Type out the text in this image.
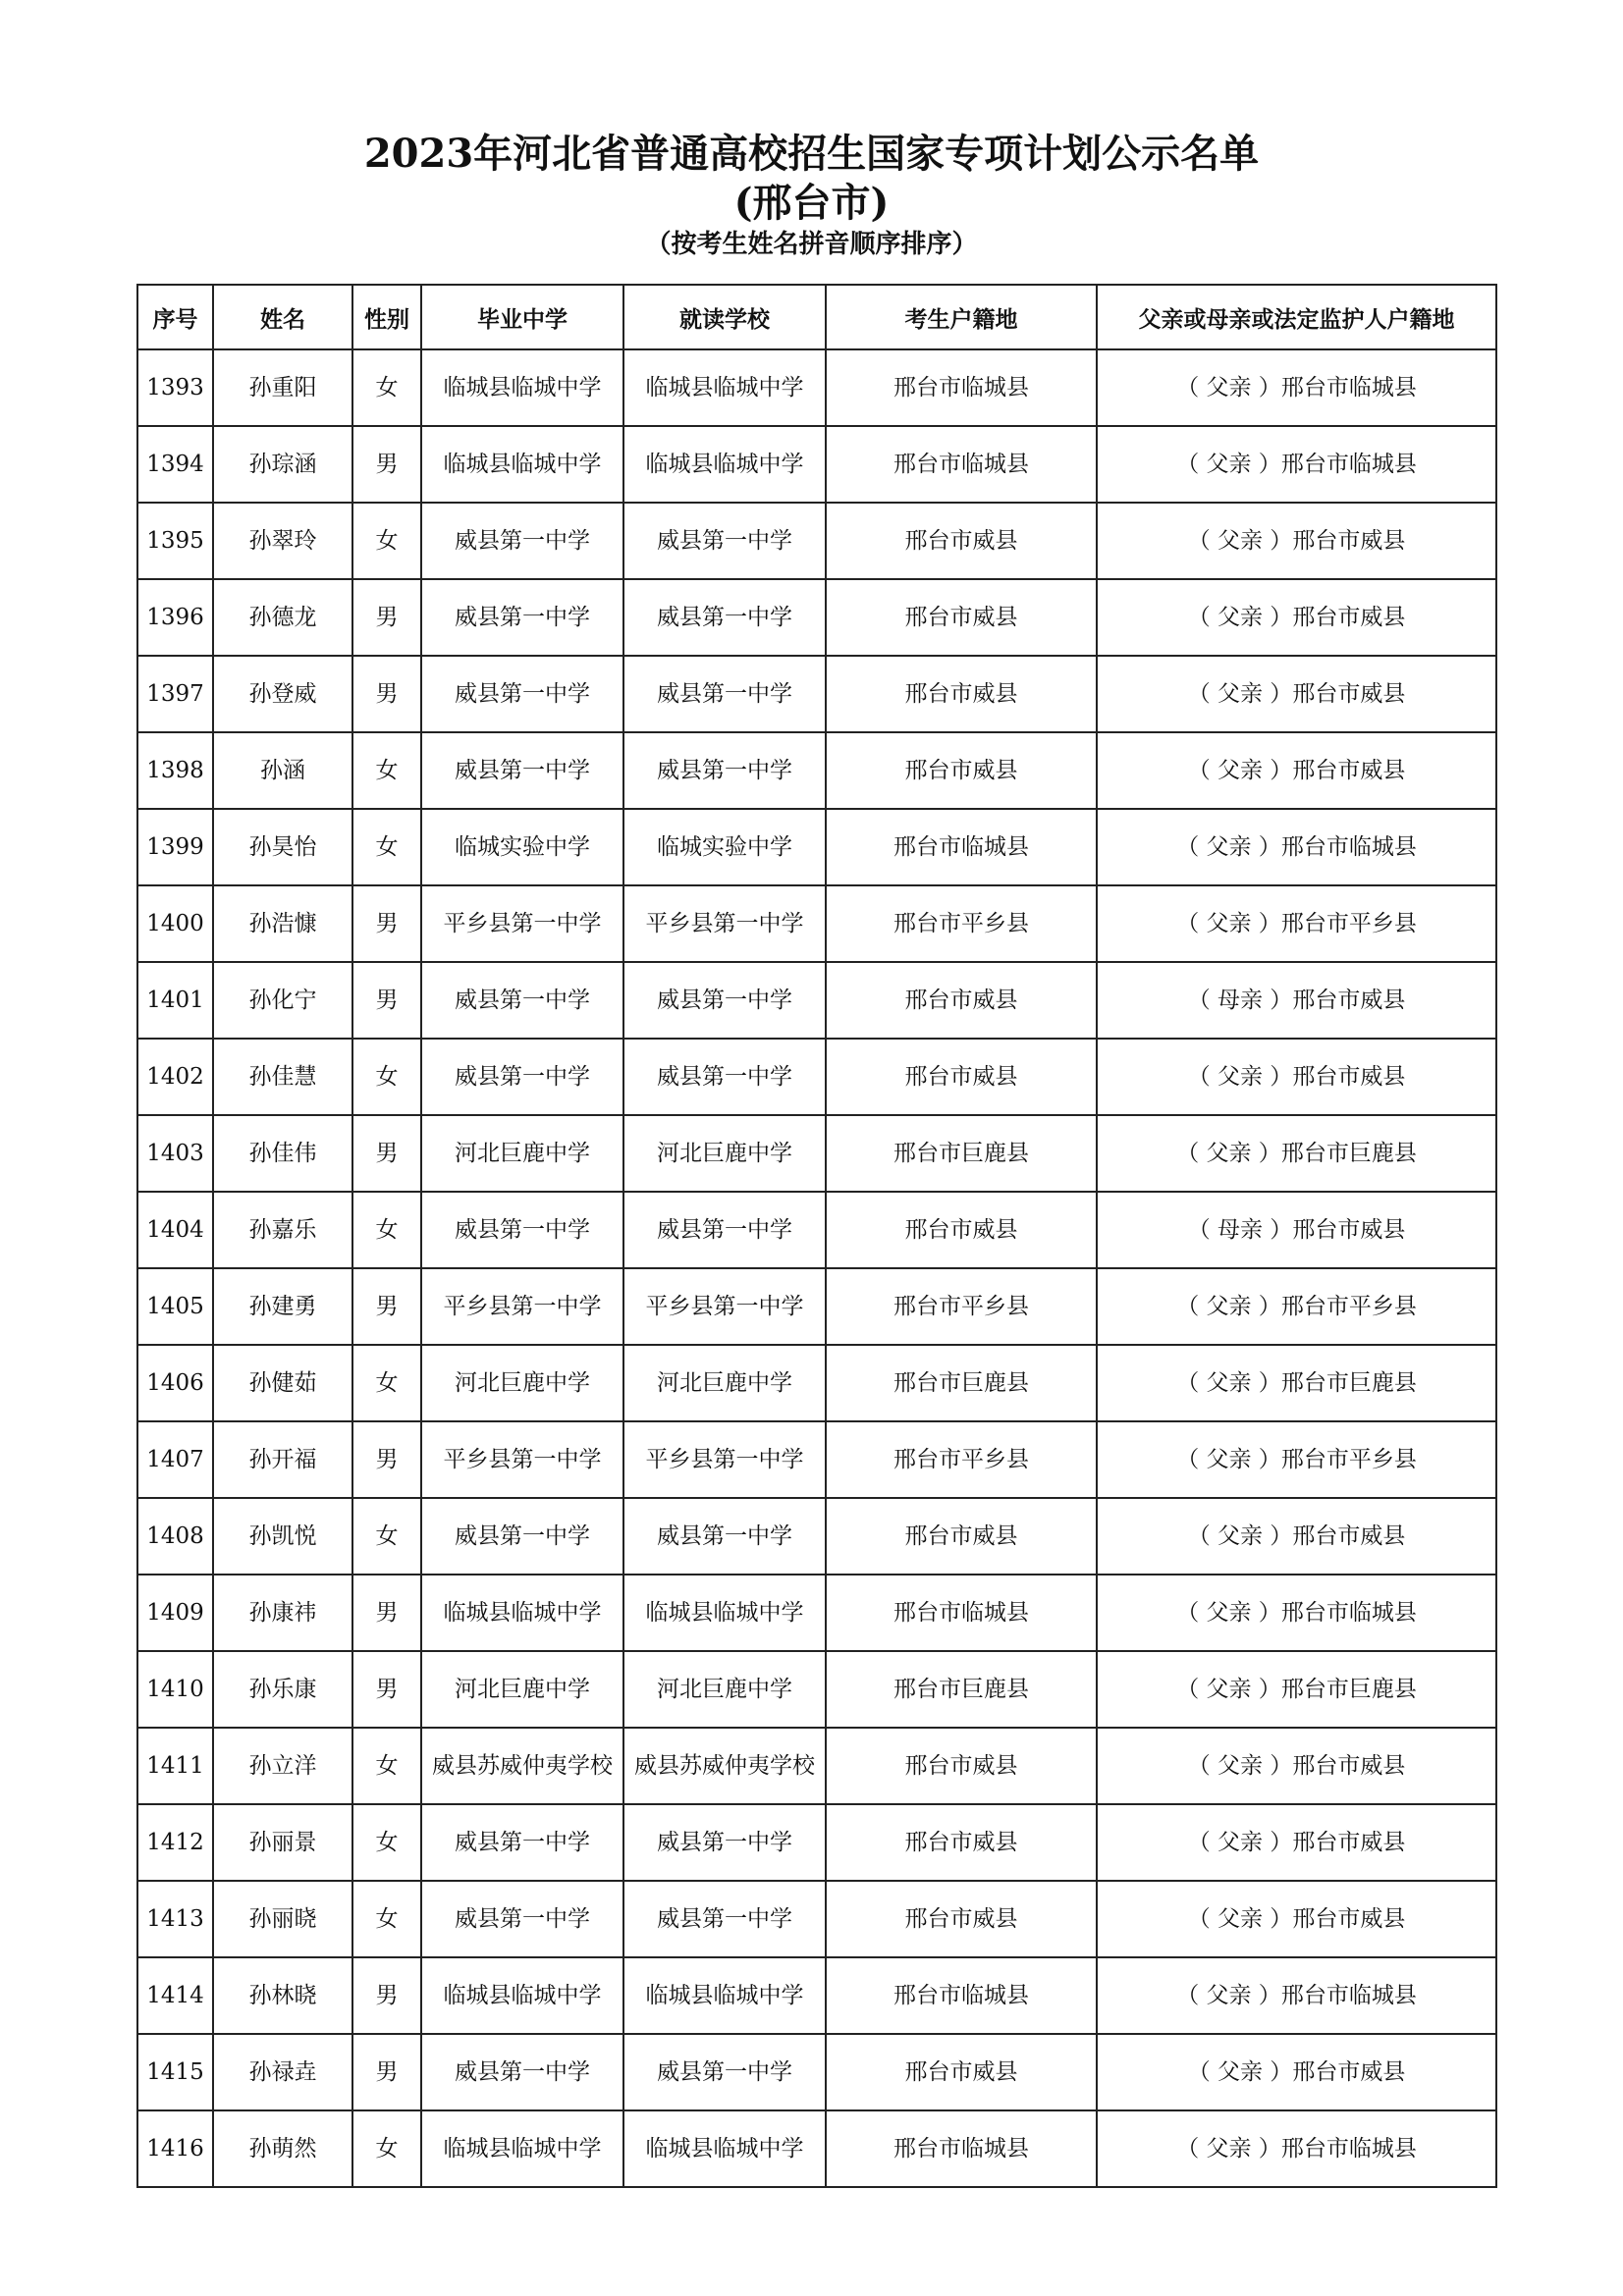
2023年河北省普通高校招生国家专项计划公示名单
(邢台市)
（按考生姓名拼音顺序排序）
序号	姓名	性别	毕业中学	就读学校	考生户籍地	父亲或母亲或法定监护人户籍地
1393	孙重阳	女	临城县临城中学	临城县临城中学	邢台市临城县	（ 父亲 ）邢台市临城县
1394	孙琮涵	男	临城县临城中学	临城县临城中学	邢台市临城县	（ 父亲 ）邢台市临城县
1395	孙翠玲	女	威县第一中学	威县第一中学	邢台市威县	（ 父亲 ）邢台市威县
1396	孙德龙	男	威县第一中学	威县第一中学	邢台市威县	（ 父亲 ）邢台市威县
1397	孙登威	男	威县第一中学	威县第一中学	邢台市威县	（ 父亲 ）邢台市威县
1398	孙涵	女	威县第一中学	威县第一中学	邢台市威县	（ 父亲 ）邢台市威县
1399	孙昊怡	女	临城实验中学	临城实验中学	邢台市临城县	（ 父亲 ）邢台市临城县
1400	孙浩慷	男	平乡县第一中学	平乡县第一中学	邢台市平乡县	（ 父亲 ）邢台市平乡县
1401	孙化宁	男	威县第一中学	威县第一中学	邢台市威县	（ 母亲 ）邢台市威县
1402	孙佳慧	女	威县第一中学	威县第一中学	邢台市威县	（ 父亲 ）邢台市威县
1403	孙佳伟	男	河北巨鹿中学	河北巨鹿中学	邢台市巨鹿县	（ 父亲 ）邢台市巨鹿县
1404	孙嘉乐	女	威县第一中学	威县第一中学	邢台市威县	（ 母亲 ）邢台市威县
1405	孙建勇	男	平乡县第一中学	平乡县第一中学	邢台市平乡县	（ 父亲 ）邢台市平乡县
1406	孙健茹	女	河北巨鹿中学	河北巨鹿中学	邢台市巨鹿县	（ 父亲 ）邢台市巨鹿县
1407	孙开福	男	平乡县第一中学	平乡县第一中学	邢台市平乡县	（ 父亲 ）邢台市平乡县
1408	孙凯悦	女	威县第一中学	威县第一中学	邢台市威县	（ 父亲 ）邢台市威县
1409	孙康祎	男	临城县临城中学	临城县临城中学	邢台市临城县	（ 父亲 ）邢台市临城县
1410	孙乐康	男	河北巨鹿中学	河北巨鹿中学	邢台市巨鹿县	（ 父亲 ）邢台市巨鹿县
1411	孙立洋	女	威县苏威仲夷学校	威县苏威仲夷学校	邢台市威县	（ 父亲 ）邢台市威县
1412	孙丽景	女	威县第一中学	威县第一中学	邢台市威县	（ 父亲 ）邢台市威县
1413	孙丽晓	女	威县第一中学	威县第一中学	邢台市威县	（ 父亲 ）邢台市威县
1414	孙林晓	男	临城县临城中学	临城县临城中学	邢台市临城县	（ 父亲 ）邢台市临城县
1415	孙禄垚	男	威县第一中学	威县第一中学	邢台市威县	（ 父亲 ）邢台市威县
1416	孙萌然	女	临城县临城中学	临城县临城中学	邢台市临城县	（ 父亲 ）邢台市临城县
